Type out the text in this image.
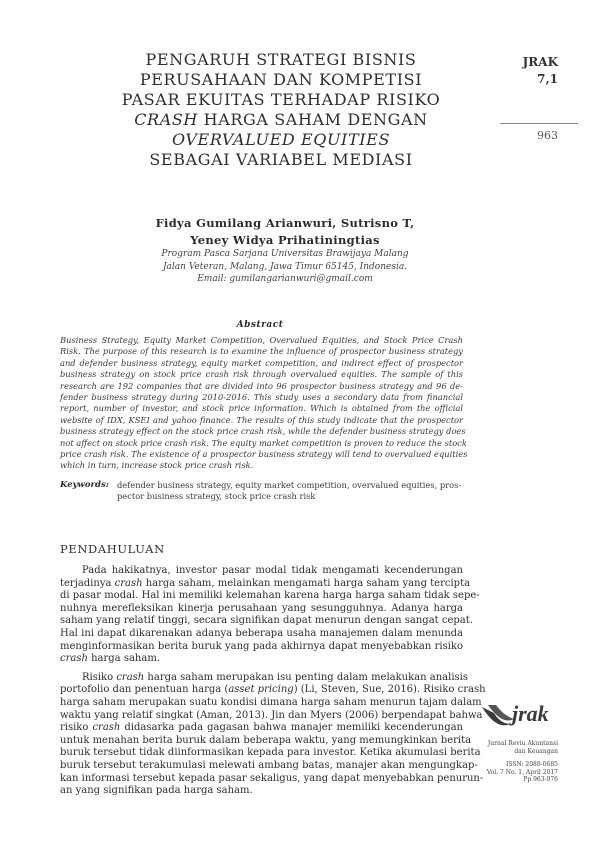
PENGARUH STRATEGI BISNIS
PERUSAHAAN DAN KOMPETISI
PASAR EKUITAS TERHADAP RISIKO
CRASH HARGA SAHAM DENGAN
OVERVALUED EQUITIES
SEBAGAI VARIABEL MEDIASI
JRAK
7,1
963
Fidya Gumilang Arianwuri, Sutrisno T,
Yeney Widya Prihatiningtias
Program Pasca Sarjana Universitas Brawijaya Malang
Jalan Veteran, Malang, Jawa Timur 65145, Indonesia.
Email: gumilangarianwuri@gmail.com
Abstract
Business Strategy, Equity Market Competition, Overvalued Equities, and Stock Price Crash
Risk. The purpose of this research is to examine the influence of prospector business strategy
and defender business strategy, equity market competition, and indirect effect of prospector
business strategy on stock price crash risk through overvalued equities. The sample of this
research are 192 companies that are divided into 96 prospector business strategy and 96 de-
fender business strategy during 2010-2016. This study uses a secondary data from financial
report, number of investor, and stock price information. Which is obtained from the official
website of IDX, KSEI and yahoo finance. The results of this study indicate that the prospector
business strategy effect on the stock price crash risk, while the defender business strategy does
not affect on stock price crash risk. The equity market competition is proven to reduce the stock
price crash risk. The existence of a prospector business strategy will tend to overvalued equities
which in turn, increase stock price crash risk.
Keywords: defender business strategy, equity market competition, overvalued equities, pros-
pector business strategy, stock price crash risk
PENDAHULUAN
Pada hakikatnya, investor pasar modal tidak mengamati kecenderungan
terjadinya crash harga saham, melainkan mengamati harga saham yang tercipta
di pasar modal. Hal ini memiliki kelemahan karena harga harga saham tidak sepe-
nuhnya merefleksikan kinerja perusahaan yang sesungguhnya. Adanya harga
saham yang relatif tinggi, secara signifikan dapat menurun dengan sangat cepat.
Hal ini dapat dikarenakan adanya beberapa usaha manajemen dalam menunda
menginformasikan berita buruk yang pada akhirnya dapat menyebabkan risiko
crash harga saham.
Risiko crash harga saham merupakan isu penting dalam melakukan analisis
portofolio dan penentuan harga (asset pricing) (Li, Steven, Sue, 2016). Risiko crash
harga saham merupakan suatu kondisi dimana harga saham menurun tajam dalam
waktu yang relatif singkat (Aman, 2013). Jin dan Myers (2006) berpendapat bahwa
risiko crash didasarka pada gagasan bahwa manajer memiliki kecenderungan
untuk menahan berita buruk dalam beberapa waktu, yang memungkinkan berita
buruk tersebut tidak diinformasikan kepada para investor. Ketika akumulasi berita
buruk tersebut terakumulasi melewati ambang batas, manajer akan mengungkap-
kan informasi tersebut kepada pasar sekaligus, yang dapat menyebabkan penurun-
an yang signifikan pada harga saham.
jrak
Jurnal Reviu Akuntansi
dan Keuangan
ISSN: 2088-0685
Vol. 7 No. 1, April 2017
Pp 963-976
